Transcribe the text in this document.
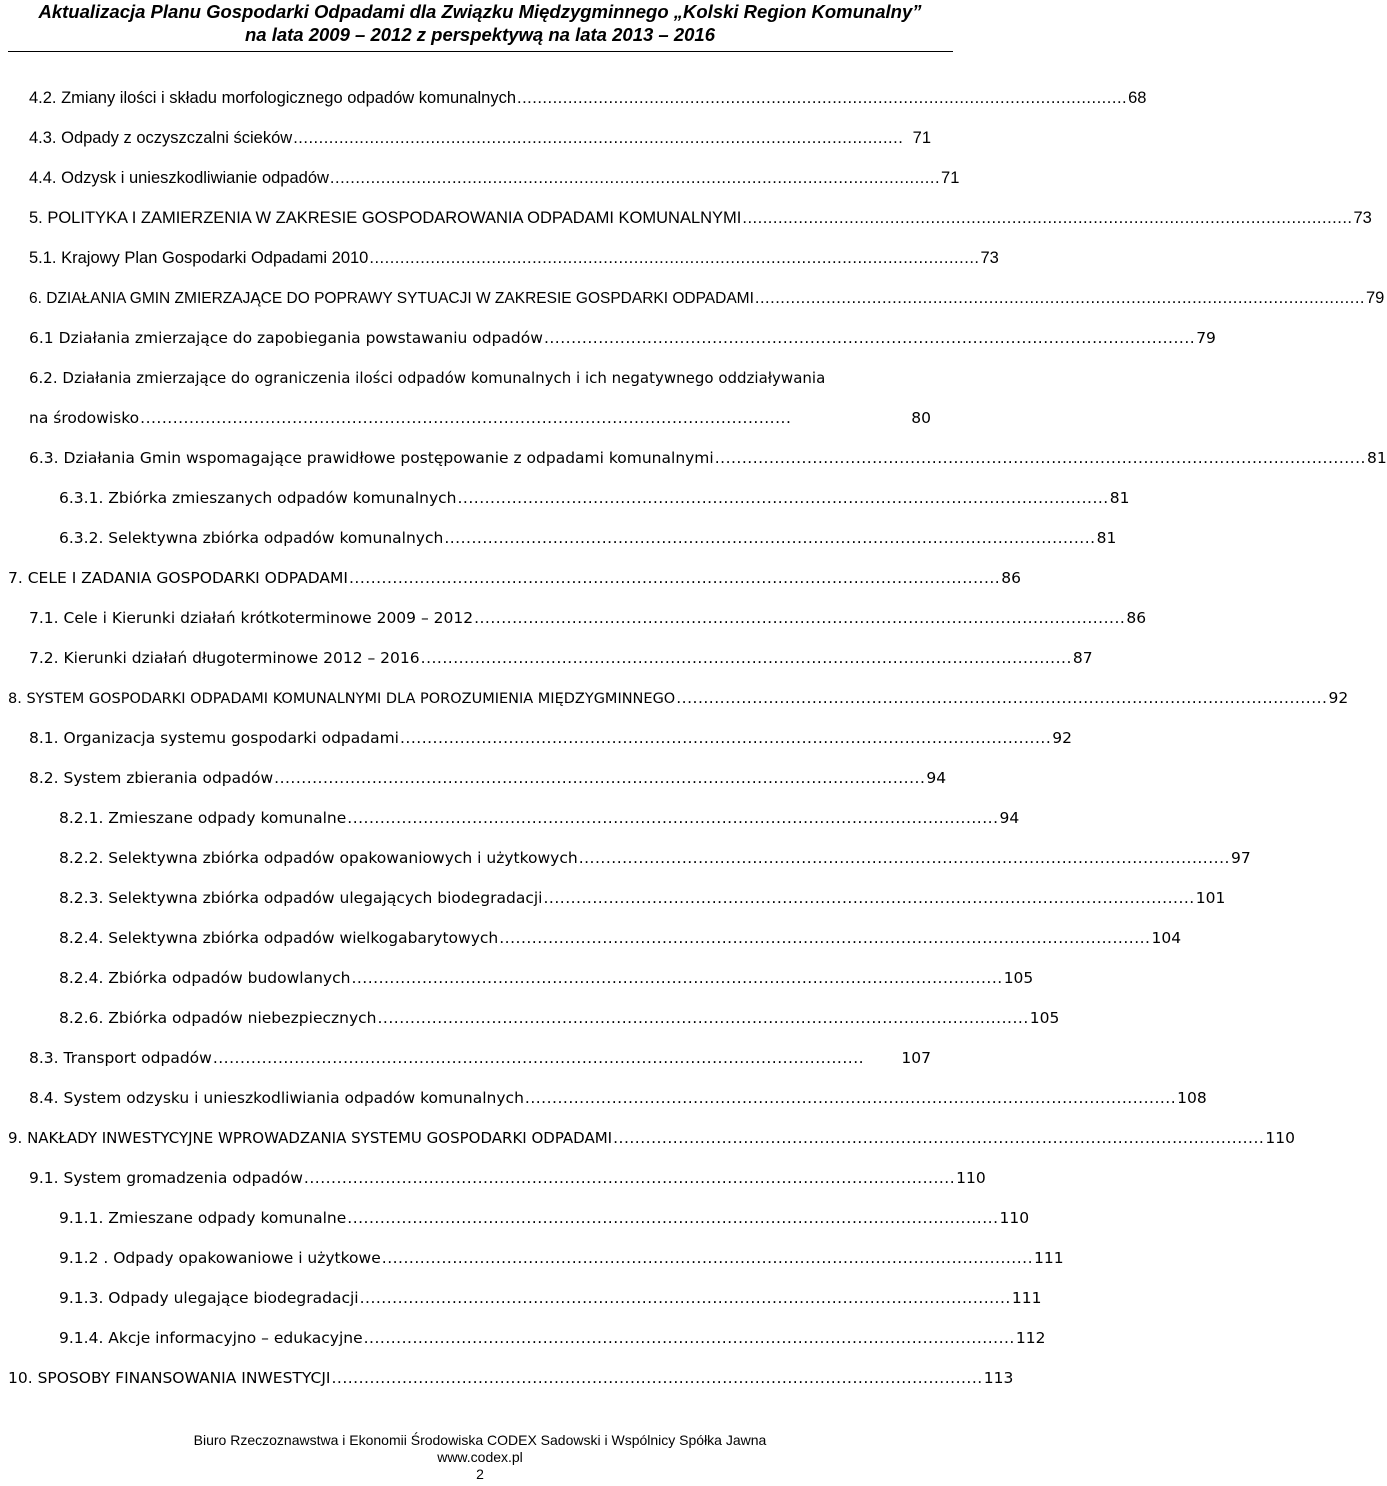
Aktualizacja Planu Gospodarki Odpadami dla Związku Międzygminnego „Kolski Region Komunalny”
na lata 2009 – 2012 z perspektywą na lata 2013 – 2016
4.2. Zmiany ilości i składu morfologicznego odpadów komunalnych ........................................................................................................................ 68
4.3. Odpady z oczyszczalni ścieków ........................................................................................................................ 71
4.4. Odzysk i unieszkodliwianie odpadów ........................................................................................................................ 71
5. POLITYKA I ZAMIERZENIA W ZAKRESIE GOSPODAROWANIA ODPADAMI KOMUNALNYMI ........................................................................................................................ 73
5.1. Krajowy Plan Gospodarki Odpadami 2010 ........................................................................................................................ 73
6. DZIAŁANIA GMIN ZMIERZAJĄCE DO POPRAWY SYTUACJI W ZAKRESIE GOSPDARKI ODPADAMI ........................................................................................................................ 79
6.1 Działania zmierzające do zapobiegania powstawaniu odpadów ........................................................................................................................ 79
6.2. Działania zmierzające do ograniczenia ilości odpadów komunalnych i ich negatywnego oddziaływania
na środowisko ........................................................................................................................	80
6.3. Działania Gmin wspomagające prawidłowe postępowanie z odpadami komunalnymi ........................................................................................................................ 81
6.3.1. Zbiórka zmieszanych odpadów komunalnych ........................................................................................................................ 81
6.3.2. Selektywna zbiórka odpadów komunalnych ........................................................................................................................ 81
7. CELE I ZADANIA GOSPODARKI ODPADAMI ........................................................................................................................ 86
7.1. Cele i Kierunki działań krótkoterminowe 2009 – 2012 ........................................................................................................................ 86
7.2. Kierunki działań długoterminowe 2012 – 2016 ........................................................................................................................ 87
8. SYSTEM GOSPODARKI ODPADAMI KOMUNALNYMI DLA POROZUMIENIA MIĘDZYGMINNEGO ........................................................................................................................ 92
8.1. Organizacja systemu gospodarki odpadami ........................................................................................................................ 92
8.2. System zbierania odpadów ........................................................................................................................ 94
8.2.1. Zmieszane odpady komunalne ........................................................................................................................ 94
8.2.2. Selektywna zbiórka odpadów opakowaniowych i użytkowych ........................................................................................................................ 97
8.2.3. Selektywna zbiórka odpadów ulegających biodegradacji ........................................................................................................................ 101
8.2.4. Selektywna zbiórka odpadów wielkogabarytowych ........................................................................................................................ 104
8.2.4. Zbiórka odpadów budowlanych ........................................................................................................................ 105
8.2.6. Zbiórka odpadów niebezpiecznych ........................................................................................................................ 105
8.3. Transport odpadów ........................................................................................................................	107
8.4. System odzysku i unieszkodliwiania odpadów komunalnych ........................................................................................................................ 108
9. NAKŁADY INWESTYCYJNE WPROWADZANIA SYSTEMU GOSPODARKI ODPADAMI ........................................................................................................................ 110
9.1. System gromadzenia odpadów ........................................................................................................................ 110
9.1.1. Zmieszane odpady komunalne ........................................................................................................................ 110
9.1.2 . Odpady opakowaniowe i użytkowe ........................................................................................................................ 111
9.1.3. Odpady ulegające biodegradacji ........................................................................................................................ 111
9.1.4. Akcje informacyjno – edukacyjne ........................................................................................................................ 112
10. SPOSOBY FINANSOWANIA INWESTYCJI ........................................................................................................................ 113
Biuro Rzeczoznawstwa i Ekonomii Środowiska CODEX Sadowski i Wspólnicy Spółka Jawna
www.codex.pl
2
